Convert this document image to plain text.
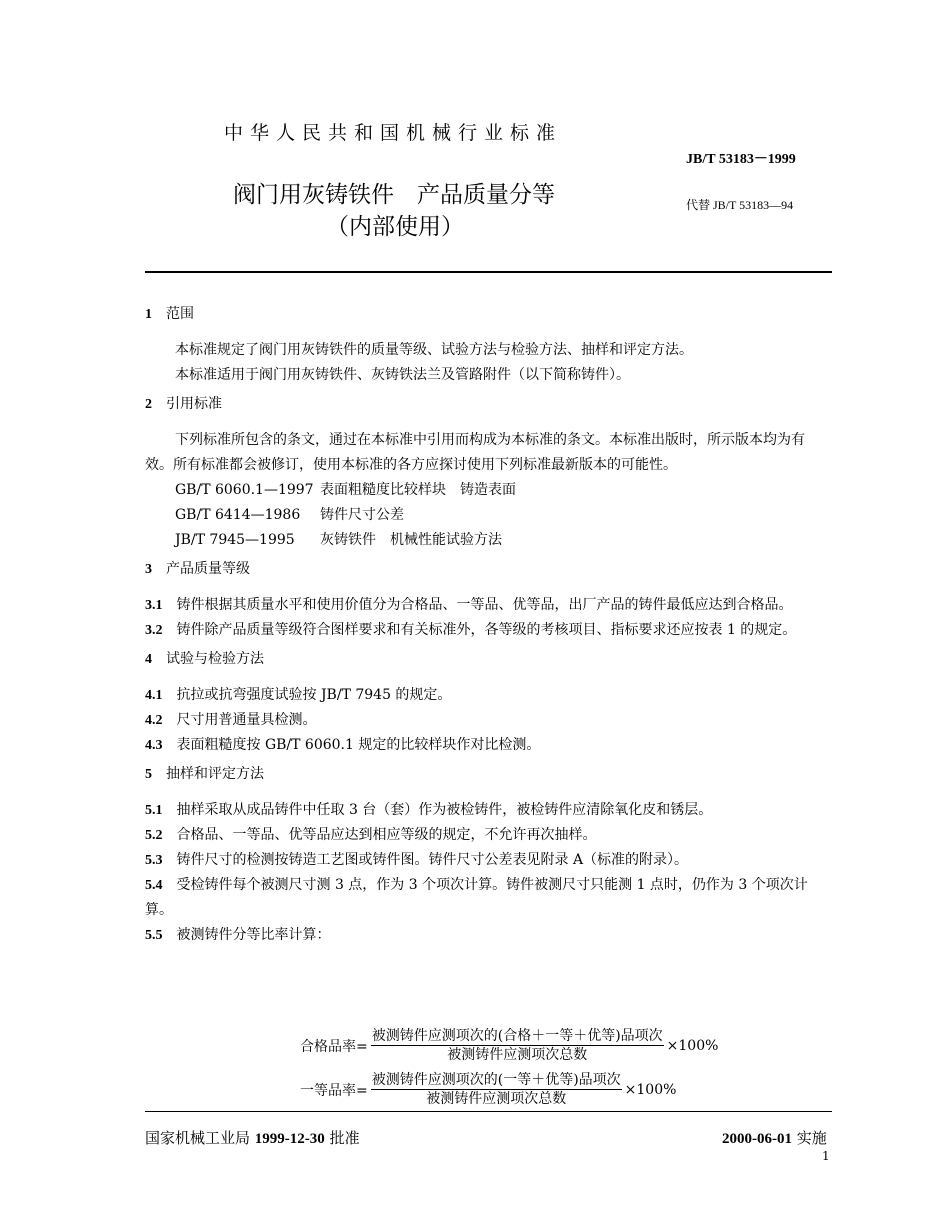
中华人民共和国机械行业标准
JB/T 53183－1999
阀门用灰铸铁件　产品质量分等
（内部使用）
代替 JB/T 53183—94

1 范围

本标准规定了阀门用灰铸铁件的质量等级、试验方法与检验方法、抽样和评定方法。

本标准适用于阀门用灰铸铁件、灰铸铁法兰及管路附件（以下简称铸件）。

2 引用标准

下列标准所包含的条文，通过在本标准中引用而构成为本标准的条文。本标准出版时，所示版本均为有效。所有标准都会被修订，使用本标准的各方应探讨使用下列标准最新版本的可能性。

GB/T 6060.1—1997 表面粗糙度比较样块　铸造表面

GB/T 6414—1986 铸件尺寸公差

JB/T 7945—1995 灰铸铁件　机械性能试验方法

3 产品质量等级

3.1 铸件根据其质量水平和使用价值分为合格品、一等品、优等品，出厂产品的铸件最低应达到合格品。

3.2 铸件除产品质量等级符合图样要求和有关标准外，各等级的考核项目、指标要求还应按表 1 的规定。

4 试验与检验方法

4.1 抗拉或抗弯强度试验按 JB/T 7945 的规定。

4.2 尺寸用普通量具检测。

4.3 表面粗糙度按 GB/T 6060.1 规定的比较样块作对比检测。

5 抽样和评定方法

5.1 抽样采取从成品铸件中任取 3 台（套）作为被检铸件，被检铸件应清除氧化皮和锈层。

5.2 合格品、一等品、优等品应达到相应等级的规定，不允许再次抽样。

5.3 铸件尺寸的检测按铸造工艺图或铸件图。铸件尺寸公差表见附录 A（标准的附录）。

5.4 受检铸件每个被测尺寸测 3 点，作为 3 个项次计算。铸件被测尺寸只能测 1 点时，仍作为 3 个项次计算。

5.5 被测铸件分等比率计算：

合格品率= $\frac{\text{被测铸件应测项次的(合格＋一等＋优等)品项次}}{\text{被测铸件应测项次总数}} \times 100\%$
一等品率= $\frac{\text{被测铸件应测项次的(一等＋优等)品项次}}{\text{被测铸件应测项次总数}} \times 100\%$
国家机械工业局 1999-12-30 批准	2000-06-01 实施
1
